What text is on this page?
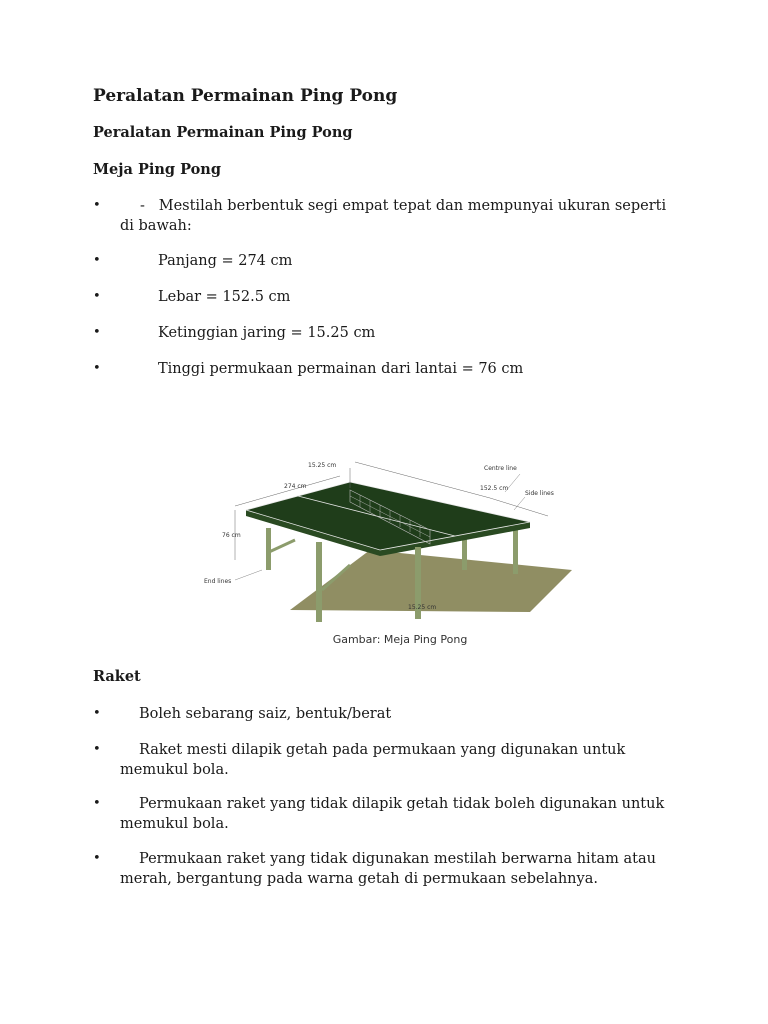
Peralatan Permainan Ping Pong
Peralatan Permainan Ping Pong
Meja Ping Pong
•	- Mestilah berbentuk segi empat tepat dan mempunyai ukuran seperti di bawah:
•	Panjang = 274 cm
•	Lebar = 152.5 cm
•	Ketinggian jaring = 15.25 cm
•	Tinggi permukaan permainan dari lantai = 76 cm
15.25 cm
274 cm	152.5 cm
Centre line
Side lines
76 cm
End lines
15.25 cm
Gambar: Meja Ping Pong
Raket
•	Boleh sebarang saiz, bentuk/berat
•	Raket mesti dilapik getah pada permukaan yang digunakan untuk memukul bola.
•	Permukaan raket yang tidak dilapik getah tidak boleh digunakan untuk memukul bola.
•	Permukaan raket yang tidak digunakan mestilah berwarna hitam atau merah, bergantung pada warna getah di permukaan sebelahnya.
